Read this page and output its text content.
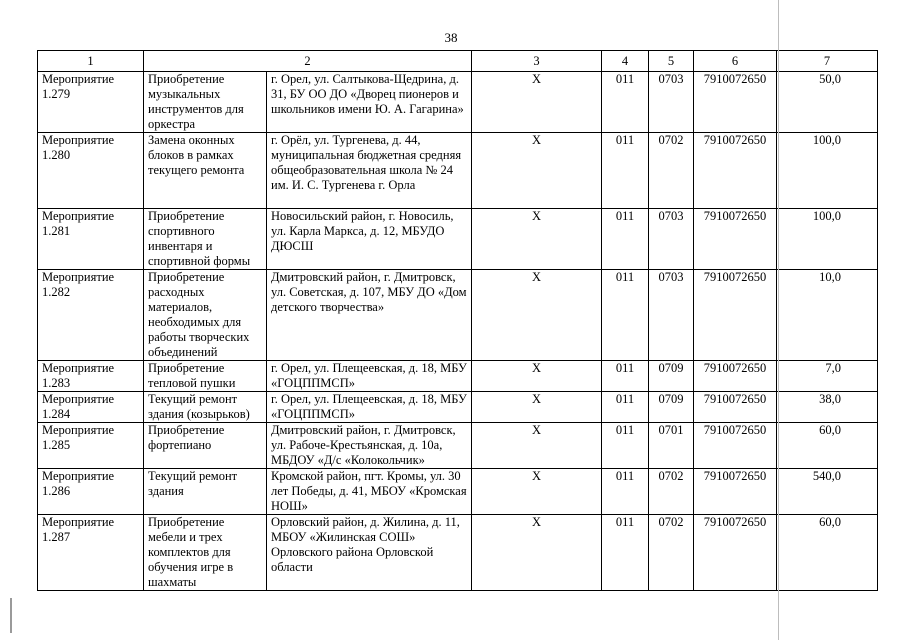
38
1	2		3	4	5	6	7
Мероприятие 1.279	Приобретение музыкальных инструментов для оркестра	г. Орел, ул. Салтыкова-Щедрина, д. 31, БУ ОО ДО «Дворец пионеров и школьников имени Ю. А. Гагарина»	X	011	0703	7910072650	50,0
Мероприятие 1.280	Замена оконных блоков в рамках текущего ремонта	г. Орёл, ул. Тургенева, д. 44, муниципальная бюджетная средняя общеобразовательная школа № 24 им. И. С. Тургенева г. Орла	X	011	0702	7910072650	100,0
Мероприятие 1.281	Приобретение спортивного инвентаря и спортивной формы	Новосильский район, г. Новосиль, ул. Карла Маркса, д. 12, МБУДО ДЮСШ	X	011	0703	7910072650	100,0
Мероприятие 1.282	Приобретение расходных материалов, необходимых для работы творческих объединений	Дмитровский район, г. Дмитровск, ул. Советская, д. 107, МБУ ДО «Дом детского творчества»	X	011	0703	7910072650	10,0
Мероприятие 1.283	Приобретение тепловой пушки	г. Орел, ул. Плещеевская, д. 18, МБУ «ГОЦППМСП»	X	011	0709	7910072650	7,0
Мероприятие 1.284	Текущий ремонт здания (козырьков)	г. Орел, ул. Плещеевская, д. 18, МБУ «ГОЦППМСП»	X	011	0709	7910072650	38,0
Мероприятие 1.285	Приобретение фортепиано	Дмитровский район, г. Дмитровск, ул. Рабоче-Крестьянская, д. 10а, МБДОУ «Д/с «Колокольчик»	X	011	0701	7910072650	60,0
Мероприятие 1.286	Текущий ремонт здания	Кромской район, пгт. Кромы, ул. 30 лет Победы, д. 41, МБОУ «Кромская НОШ»	X	011	0702	7910072650	540,0
Мероприятие 1.287	Приобретение мебели и трех комплектов для обучения игре в шахматы	Орловский район, д. Жилина, д. 11, МБОУ «Жилинская СОШ» Орловского района Орловской области	X	011	0702	7910072650	60,0
